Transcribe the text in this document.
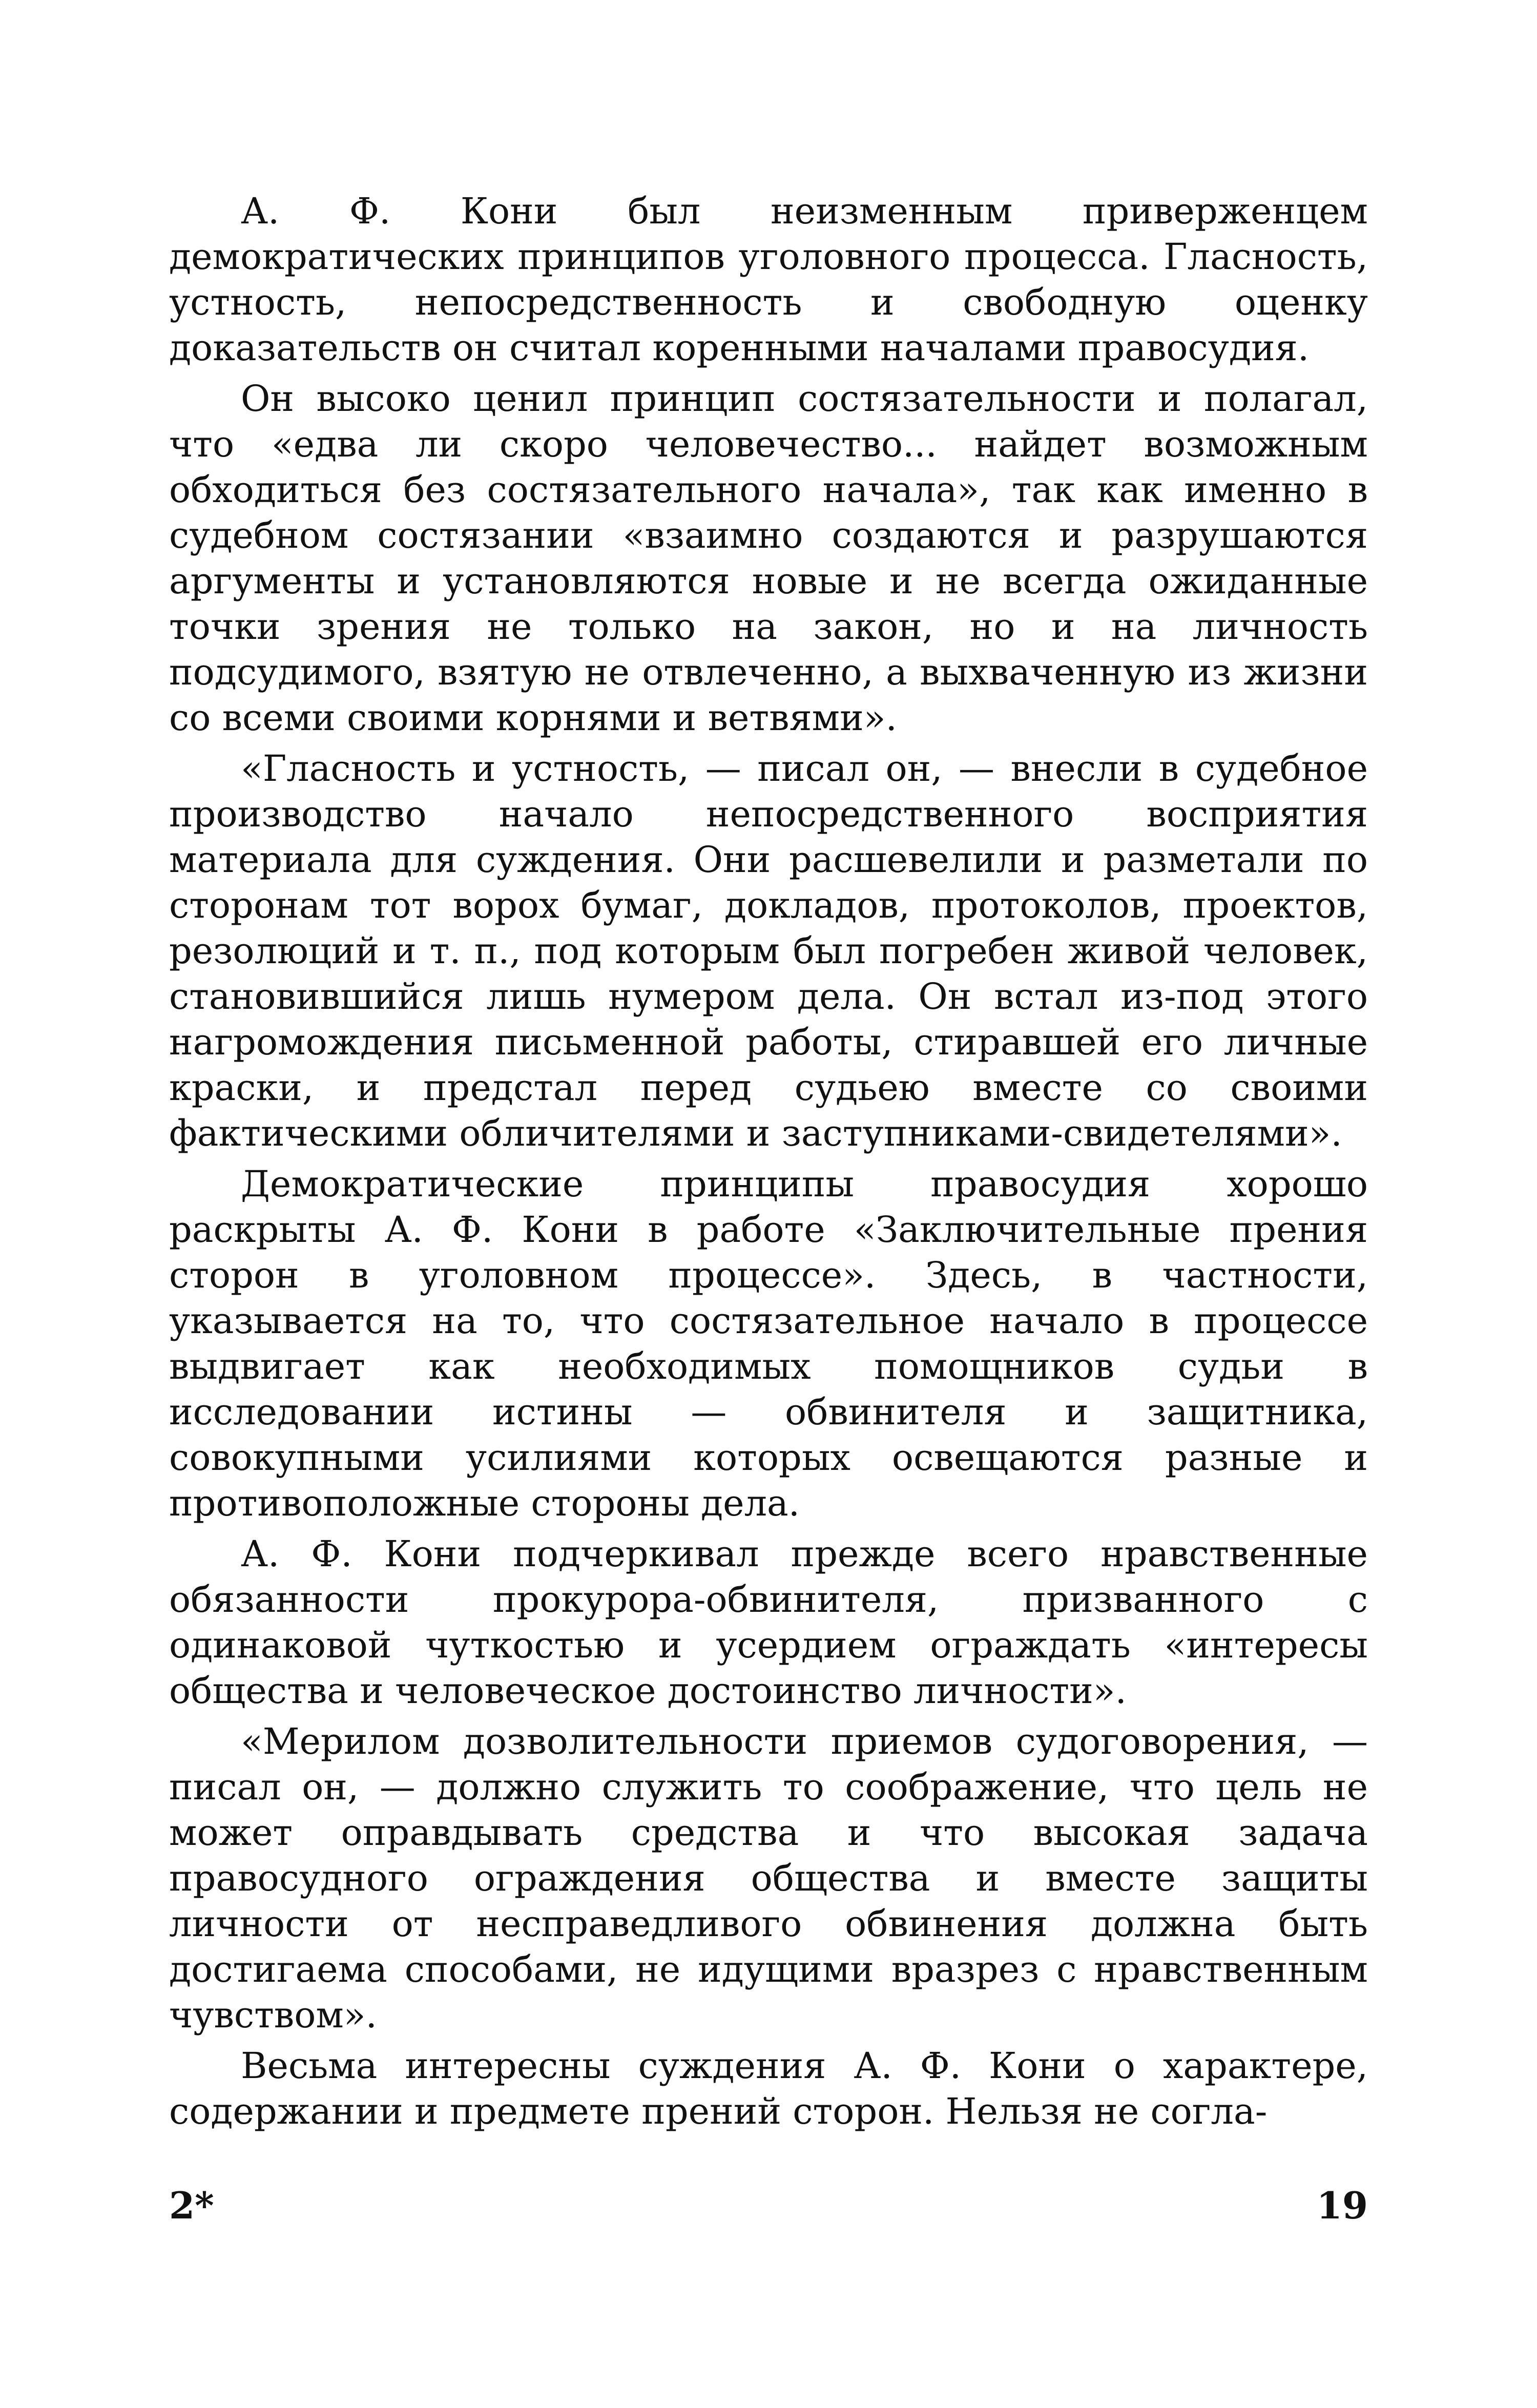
А. Ф. Кони был неизменным приверженцем демократических принципов уголовного процесса. Гласность, устность, непосредственность и свободную оценку доказательств он считал коренными началами правосудия.

Он высоко ценил принцип состязательности и полагал, что «едва ли скоро человечество... найдет возможным обходиться без состязательного начала», так как именно в судебном состязании «взаимно создаются и разрушаются аргументы и установляются новые и не всегда ожиданные точки зрения не только на закон, но и на личность подсудимого, взятую не отвлеченно, а выхваченную из жизни со всеми своими корнями и ветвями».

«Гласность и устность, — писал он, — внесли в судебное производство начало непосредственного восприятия материала для суждения. Они расшевелили и разметали по сторонам тот ворох бумаг, докладов, протоколов, проектов, резолюций и т. п., под которым был погребен живой человек, становившийся лишь нумером дела. Он встал из-под этого нагромождения письменной работы, стиравшей его личные краски, и предстал перед судьею вместе со своими фактическими обличителями и заступниками-свидетелями».

Демократические принципы правосудия хорошо раскрыты А. Ф. Кони в работе «Заключительные прения сторон в уголовном процессе». Здесь, в частности, указывается на то, что состязательное начало в процессе выдвигает как необходимых помощников судьи в исследовании истины — обвинителя и защитника, совокупными усилиями которых освещаются разные и противоположные стороны дела.

А. Ф. Кони подчеркивал прежде всего нравственные обязанности прокурора-обвинителя, призванного с одинаковой чуткостью и усердием ограждать «интересы общества и человеческое достоинство личности».

«Мерилом дозволительности приемов судоговорения, — писал он, — должно служить то соображение, что цель не может оправдывать средства и что высокая задача правосудного ограждения общества и вместе защиты личности от несправедливого обвинения должна быть достигаема способами, не идущими вразрез с нравственным чувством».

Весьма интересны суждения А. Ф. Кони о характере, содержании и предмете прений сторон. Нельзя не согла-

2*	19
